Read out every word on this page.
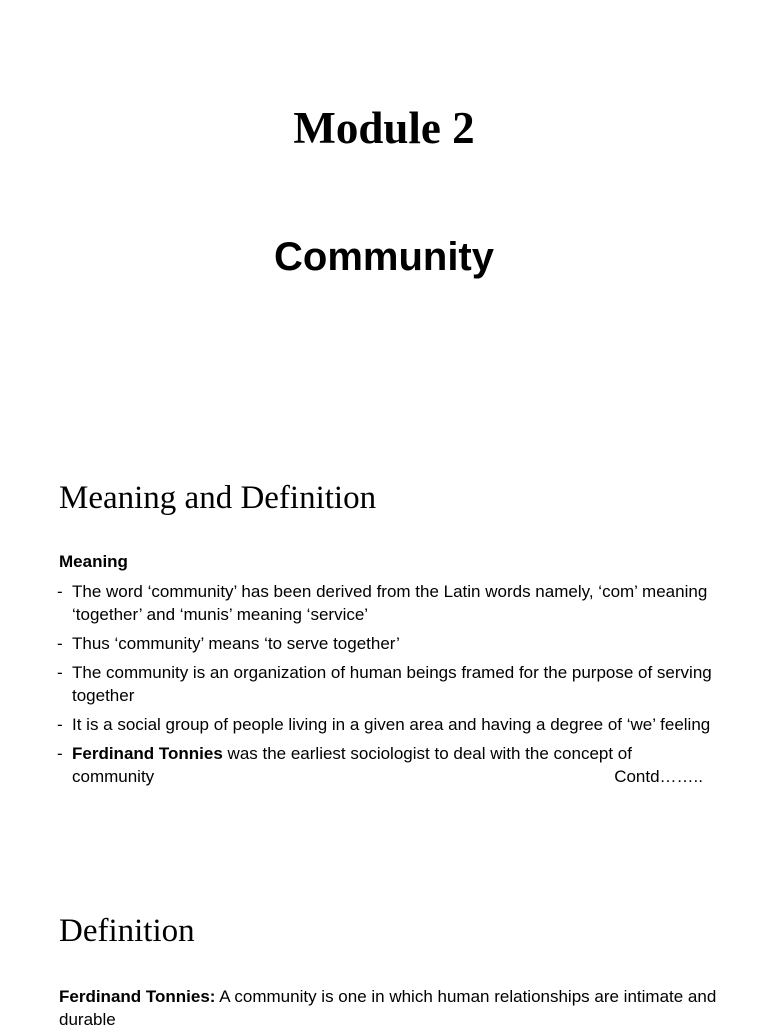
Module 2
Community
Meaning and Definition
Meaning
- The word ‘community’ has been derived from the Latin words namely, ‘com’ meaning ‘together’ and ‘munis’ meaning ‘service’
- Thus ‘community’ means ‘to serve together’
- The community is an organization of human beings framed for the purpose of serving together
- It is a social group of people living in a given area and having a degree of ‘we’ feeling
- Ferdinand Tonnies was the earliest sociologist to deal with the concept of community	Contd……..
Definition
Ferdinand Tonnies: A community is one in which human relationships are intimate and durable
